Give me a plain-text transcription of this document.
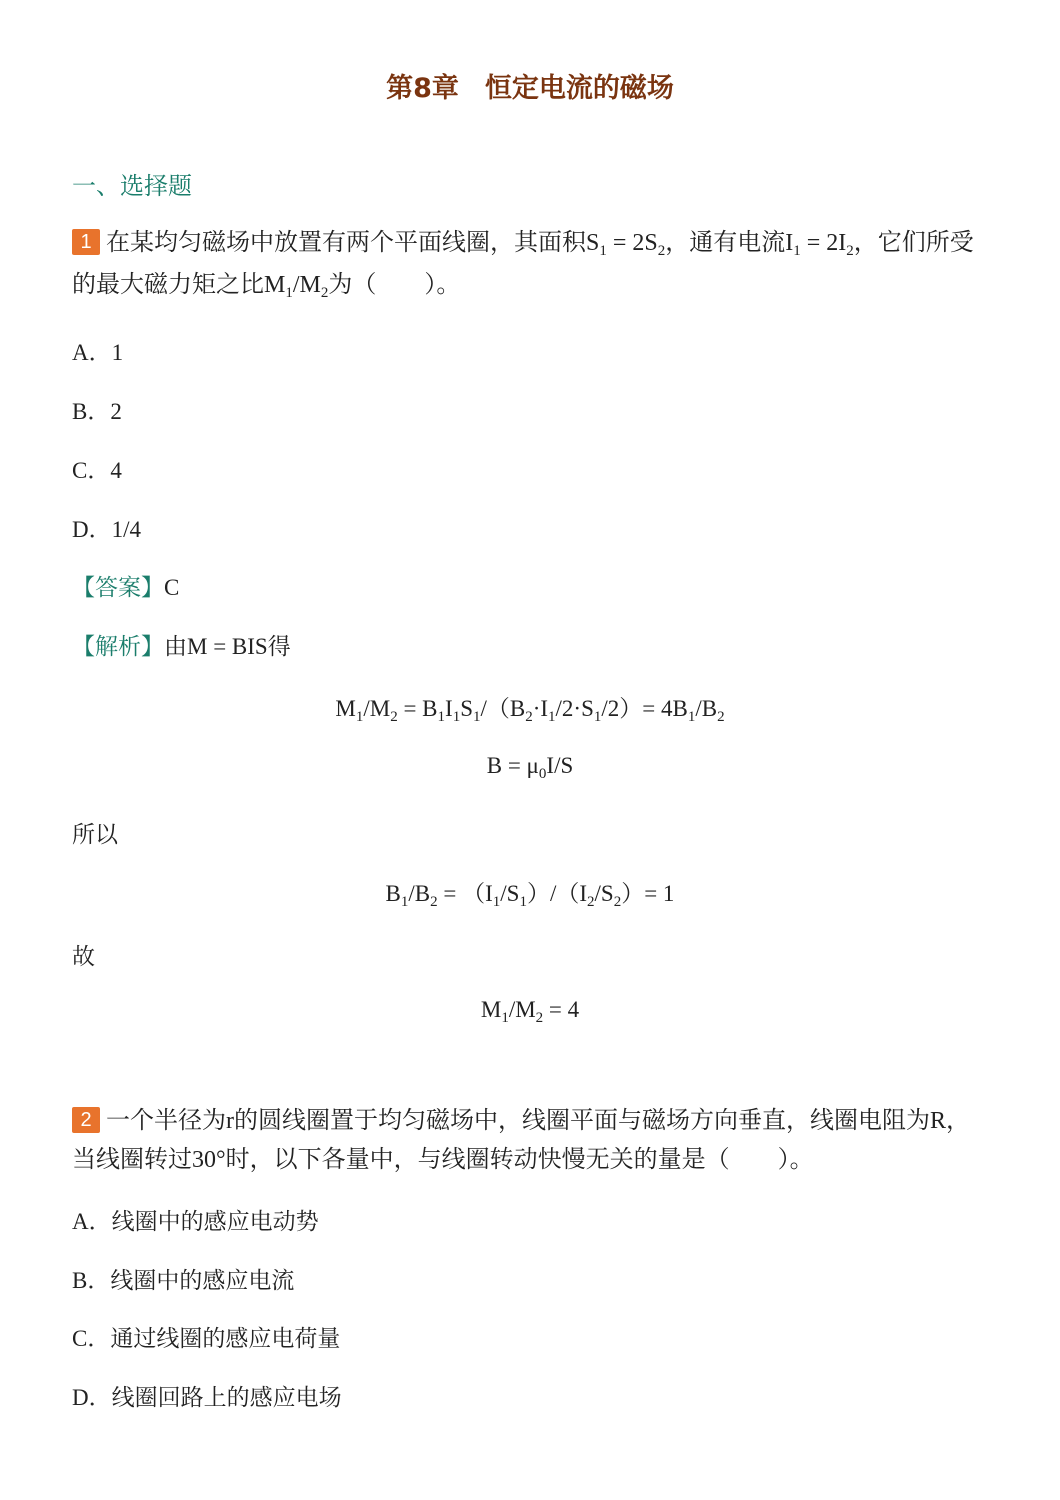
第8章 恒定电流的磁场
一、选择题
1 在某均匀磁场中放置有两个平面线圈，其面积$S_1 = 2S_2$，通有电流$I_1 = 2I_2$，它们所受
的最大磁力矩之比$M_1/M_2$为（　　）。
A．1
B．2
C．4
D．1/4
【答案】C
【解析】由M = BIS得
$M_1/M_2 = B_1I_1S_1/(B_2\cdot I_1/2\cdot S_1/2)= 4B_1/B_2$
$B = \mu_0I/S$
所以
$B_1/B_2 = (I_1/S_1)/(I_2/S_2)= 1$
故
$M_1/M_2 = 4$
2 一个半径为r的圆线圈置于均匀磁场中，线圈平面与磁场方向垂直，线圈电阻为R，
当线圈转过30°时，以下各量中，与线圈转动快慢无关的量是（　　）。
A．线圈中的感应电动势
B．线圈中的感应电流
C．通过线圈的感应电荷量
D．线圈回路上的感应电场
